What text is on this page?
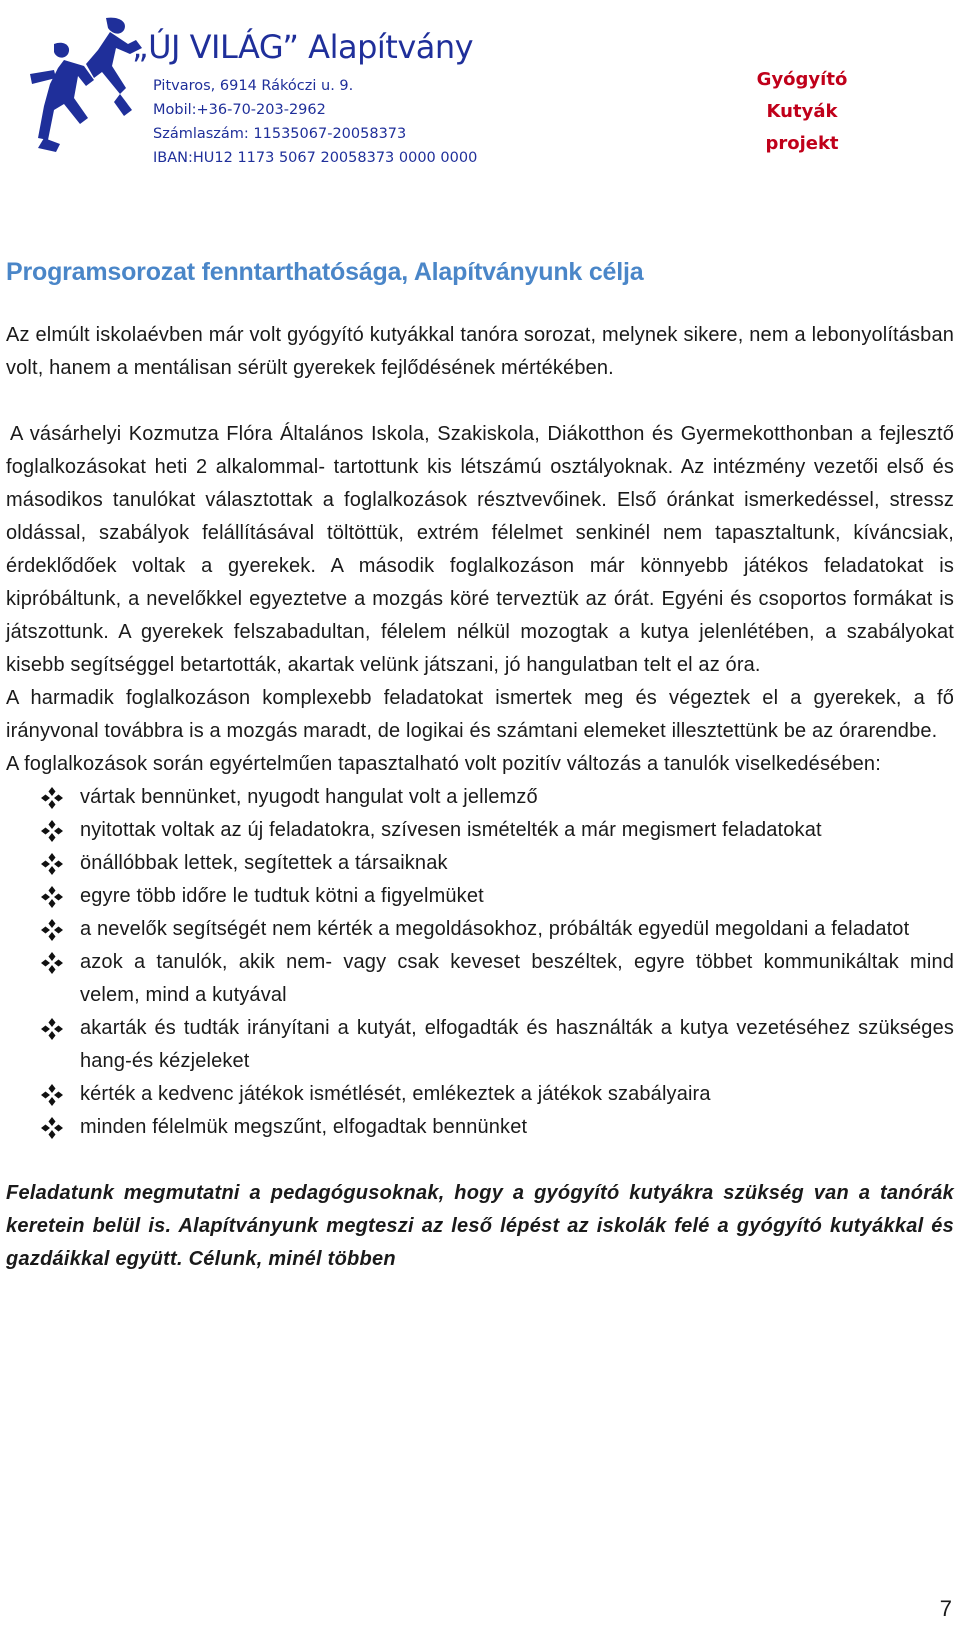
„ÚJ VILÁG” Alapítvány
Pitvaros, 6914 Rákóczi u. 9.
Mobil:+36-70-203-2962
Számlaszám: 11535067-20058373
IBAN:HU12 1173 5067 20058373 0000 0000
Gyógyító Kutyák
projekt
Programsorozat fenntarthatósága, Alapítványunk célja

Az elmúlt iskolaévben már volt gyógyító kutyákkal tanóra sorozat, melynek sikere, nem a lebonyolításban volt, hanem a mentálisan sérült gyerekek fejlődésének mértékében.

A vásárhelyi Kozmutza Flóra Általános Iskola, Szakiskola, Diákotthon és Gyermekotthonban a fejlesztő foglalkozásokat heti 2 alkalommal- tartottunk kis létszámú osztályoknak. Az intézmény vezetői első és másodikos tanulókat választottak a foglalkozások résztvevőinek. Első óránkat ismerkedéssel, stressz oldással, szabályok felállításával töltöttük, extrém félelmet senkinél nem tapasztaltunk, kíváncsiak, érdeklődőek voltak a gyerekek. A második foglalkozáson már könnyebb játékos feladatokat is kipróbáltunk, a nevelőkkel egyeztetve a mozgás köré terveztük az órát. Egyéni és csoportos formákat is játszottunk. A gyerekek felszabadultan, félelem nélkül mozogtak a kutya jelenlétében, a szabályokat kisebb segítséggel betartották, akartak velünk játszani, jó hangulatban telt el az óra.

A harmadik foglalkozáson komplexebb feladatokat ismertek meg és végeztek el a gyerekek, a fő irányvonal továbbra is a mozgás maradt, de logikai és számtani elemeket illesztettünk be az órarendbe.

A foglalkozások során egyértelműen tapasztalható volt pozitív változás a tanulók viselkedésében:

vártak bennünket, nyugodt hangulat volt a jellemző
nyitottak voltak az új feladatokra, szívesen ismételték a már megismert feladatokat
önállóbbak lettek, segítettek a társaiknak
egyre több időre le tudtuk kötni a figyelmüket
a nevelők segítségét nem kérték a megoldásokhoz, próbálták egyedül megoldani a feladatot
azok a tanulók, akik nem- vagy csak keveset beszéltek, egyre többet kommunikáltak mind velem, mind a kutyával
akarták és tudták irányítani a kutyát, elfogadták és használták a kutya vezetéséhez szükséges hang-és kézjeleket
kérték a kedvenc játékok ismétlését, emlékeztek a játékok szabályaira
minden félelmük megszűnt, elfogadtak bennünket

Feladatunk megmutatni a pedagógusoknak, hogy a gyógyító kutyákra szükség van a tanórák keretein belül is. Alapítványunk megteszi az leső lépést az iskolák felé a gyógyító kutyákkal és gazdáikkal együtt. Célunk, minél többen

7
